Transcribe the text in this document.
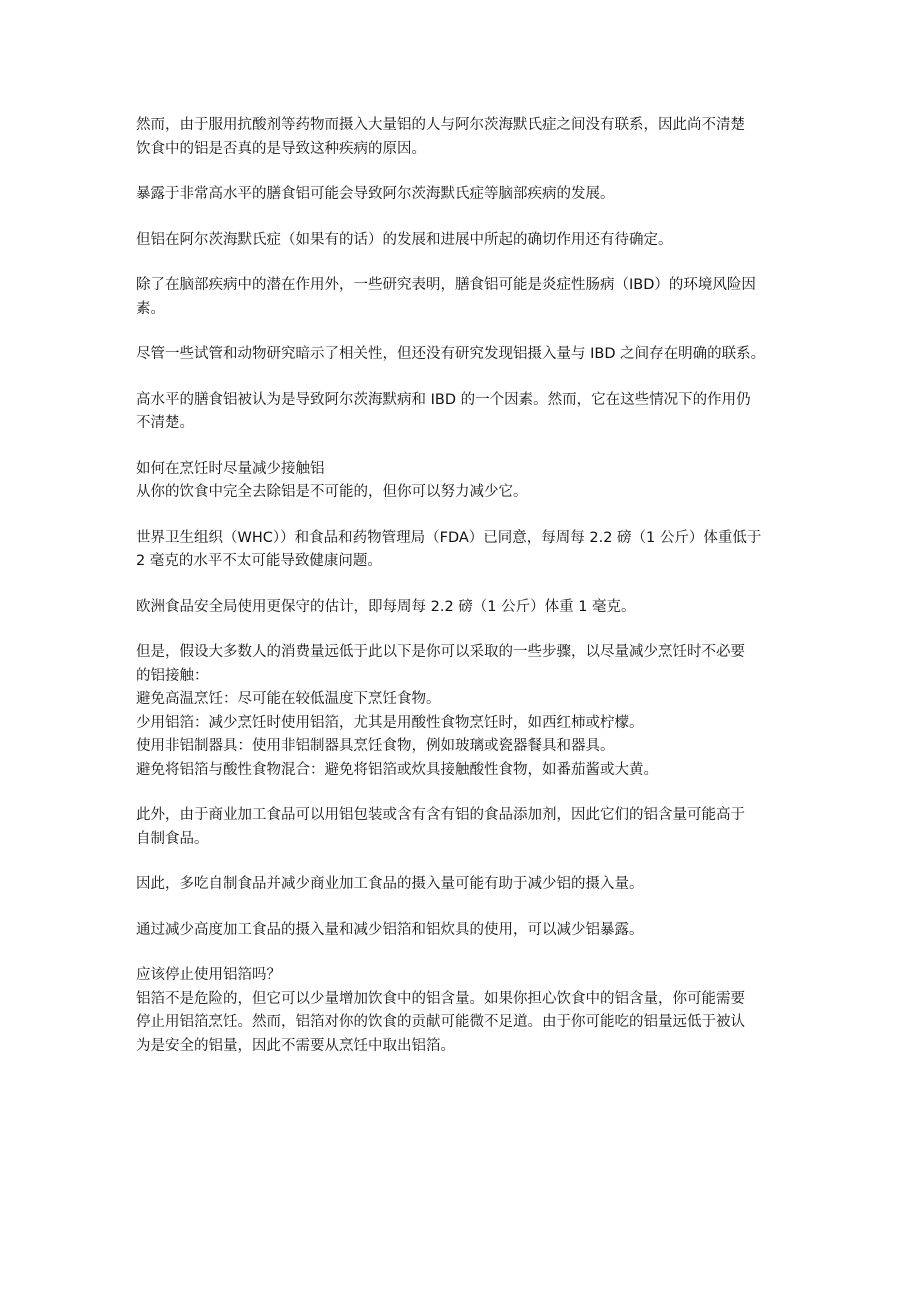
然而，由于服用抗酸剂等药物而摄入大量铝的人与阿尔茨海默氏症之间没有联系，因此尚不清楚
饮食中的铝是否真的是导致这种疾病的原因。

暴露于非常高水平的膳食铝可能会导致阿尔茨海默氏症等脑部疾病的发展。

但铝在阿尔茨海默氏症（如果有的话）的发展和进展中所起的确切作用还有待确定。

除了在脑部疾病中的潜在作用外，一些研究表明，膳食铝可能是炎症性肠病（IBD）的环境风险因
素。

尽管一些试管和动物研究暗示了相关性，但还没有研究发现铝摄入量与 IBD 之间存在明确的联系。

高水平的膳食铝被认为是导致阿尔茨海默病和 IBD 的一个因素。然而，它在这些情况下的作用仍
不清楚。

如何在烹饪时尽量减少接触铝
从你的饮食中完全去除铝是不可能的，但你可以努力减少它。

世界卫生组织（WHC））和食品和药物管理局（FDA）已同意，每周每 2.2 磅（1 公斤）体重低于
2 毫克的水平不太可能导致健康问题。

欧洲食品安全局使用更保守的估计，即每周每 2.2 磅（1 公斤）体重 1 毫克。

但是，假设大多数人的消费量远低于此以下是你可以采取的一些步骤，以尽量减少烹饪时不必要
的铝接触：
避免高温烹饪：尽可能在较低温度下烹饪食物。
少用铝箔：减少烹饪时使用铝箔，尤其是用酸性食物烹饪时，如西红柿或柠檬。
使用非铝制器具：使用非铝制器具烹饪食物，例如玻璃或瓷器餐具和器具。
避免将铝箔与酸性食物混合：避免将铝箔或炊具接触酸性食物，如番茄酱或大黄。

此外，由于商业加工食品可以用铝包装或含有含有铝的食品添加剂，因此它们的铝含量可能高于
自制食品。

因此，多吃自制食品并减少商业加工食品的摄入量可能有助于减少铝的摄入量。

通过减少高度加工食品的摄入量和减少铝箔和铝炊具的使用，可以减少铝暴露。

应该停止使用铝箔吗？
铝箔不是危险的，但它可以少量增加饮食中的铝含量。如果你担心饮食中的铝含量，你可能需要
停止用铝箔烹饪。然而，铝箔对你的饮食的贡献可能微不足道。由于你可能吃的铝量远低于被认
为是安全的铝量，因此不需要从烹饪中取出铝箔。
